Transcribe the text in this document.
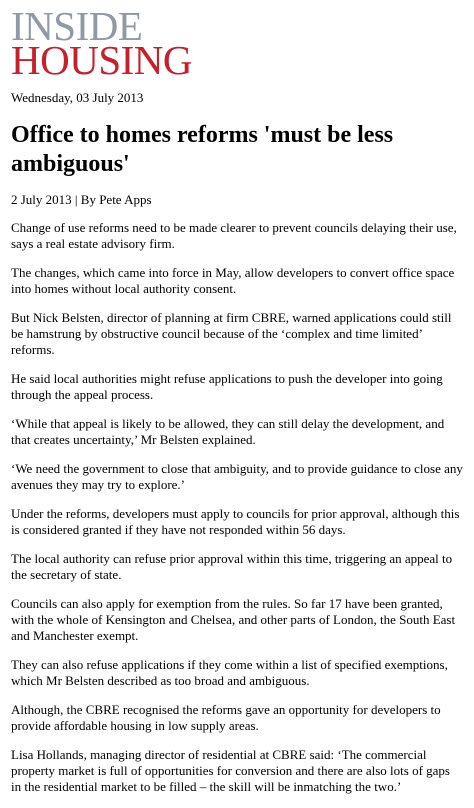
INSIDE
HOUSING
Wednesday, 03 July 2013
Office to homes reforms 'must be less ambiguous'
2 July 2013 | By Pete Apps

Change of use reforms need to be made clearer to prevent councils delaying their use, says a real estate advisory firm.

The changes, which came into force in May, allow developers to convert office space into homes without local authority consent.

But Nick Belsten, director of planning at firm CBRE, warned applications could still be hamstrung by obstructive council because of the ‘complex and time limited’ reforms.

He said local authorities might refuse applications to push the developer into going through the appeal process.

‘While that appeal is likely to be allowed, they can still delay the development, and that creates uncertainty,’ Mr Belsten explained.

‘We need the government to close that ambiguity, and to provide guidance to close any avenues they may try to explore.’

Under the reforms, developers must apply to councils for prior approval, although this is considered granted if they have not responded within 56 days.

The local authority can refuse prior approval within this time, triggering an appeal to the secretary of state.

Councils can also apply for exemption from the rules. So far 17 have been granted, with the whole of Kensington and Chelsea, and other parts of London, the South East and Manchester exempt.

They can also refuse applications if they come within a list of specified exemptions, which Mr Belsten described as too broad and ambiguous.

Although, the CBRE recognised the reforms gave an opportunity for developers to provide affordable housing in low supply areas.

Lisa Hollands, managing director of residential at CBRE said: ‘The commercial property market is full of opportunities for conversion and there are also lots of gaps in the residential market to be filled – the skill will be inmatching the two.’
